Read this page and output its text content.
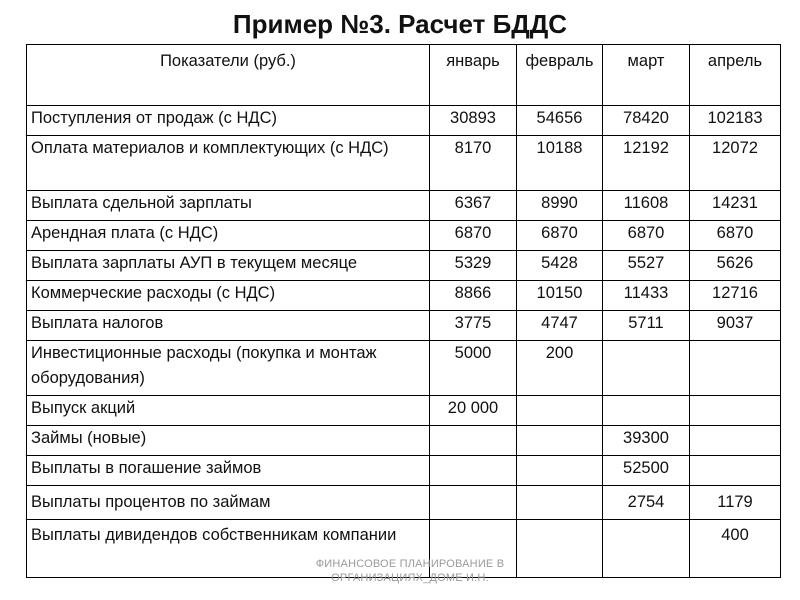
Пример №3. Расчет БДДС
Показатели (руб.)	январь	февраль	март	апрель
Поступления от продаж (с НДС)	30893	54656	78420	102183
Оплата материалов и комплектующих (с НДС)	8170	10188	12192	12072
Выплата сдельной зарплаты	6367	8990	11608	14231
Арендная плата (с НДС)	6870	6870	6870	6870
Выплата зарплаты АУП в текущем месяце	5329	5428	5527	5626
Коммерческие расходы (с НДС)	8866	10150	11433	12716
Выплата налогов	3775	4747	5711	9037
Инвестиционные расходы (покупка и монтаж оборудования)	5000	200		
Выпуск акций	20 000			
Займы (новые)			39300	
Выплаты в погашение займов			52500	
Выплаты процентов по займам			2754	1179
Выплаты дивидендов собственникам компании				400
ФИНАНСОВОЕ ПЛАНИРОВАНИЕ В ОРГАНИЗАЦИЯХ_ДОМЕ И.Н.
